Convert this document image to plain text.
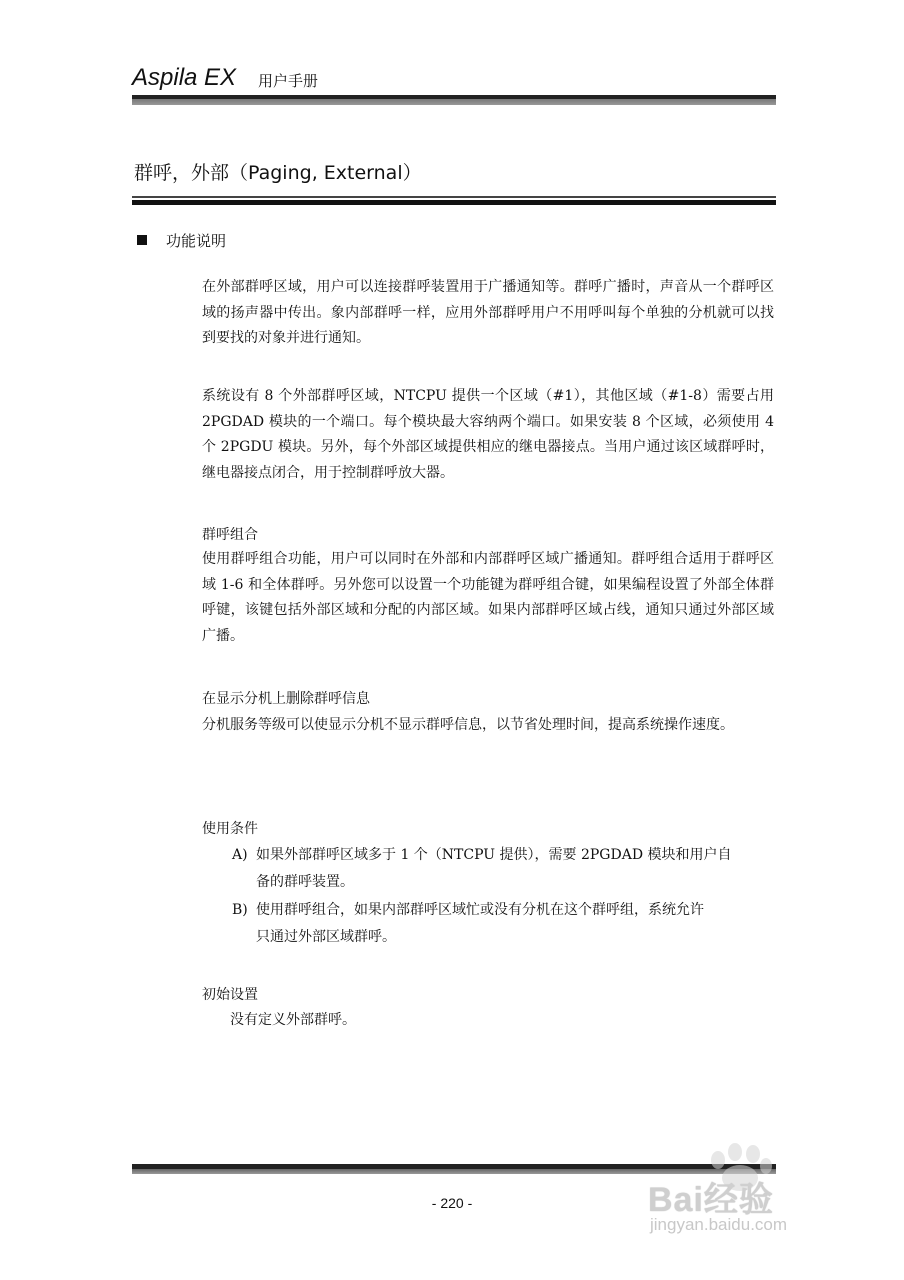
Aspila EX 用户手册
群呼，外部（Paging, External）
功能说明
在外部群呼区域，用户可以连接群呼装置用于广播通知等。群呼广播时，声音从一个群呼区域的扬声器中传出。象内部群呼一样，应用外部群呼用户不用呼叫每个单独的分机就可以找到要找的对象并进行通知。
系统设有 8 个外部群呼区域，NTCPU 提供一个区域（#1），其他区域（#1-8）需要占用 2PGDAD 模块的一个端口。每个模块最大容纳两个端口。如果安装 8 个区域，必须使用 4 个 2PGDU 模块。另外，每个外部区域提供相应的继电器接点。当用户通过该区域群呼时，继电器接点闭合，用于控制群呼放大器。
群呼组合
使用群呼组合功能，用户可以同时在外部和内部群呼区域广播通知。群呼组合适用于群呼区域 1-6 和全体群呼。另外您可以设置一个功能键为群呼组合键，如果编程设置了外部全体群呼键，该键包括外部区域和分配的内部区域。如果内部群呼区域占线，通知只通过外部区域广播。
在显示分机上删除群呼信息
分机服务等级可以使显示分机不显示群呼信息，以节省处理时间，提高系统操作速度。
使用条件
A) 如果外部群呼区域多于 1 个（NTCPU 提供），需要 2PGDAD 模块和用户自
备的群呼装置。
B) 使用群呼组合，如果内部群呼区域忙或没有分机在这个群呼组，系统允许
只通过外部区域群呼。
初始设置
没有定义外部群呼。
- 220 -	Bai经验
jingyan.baidu.com
